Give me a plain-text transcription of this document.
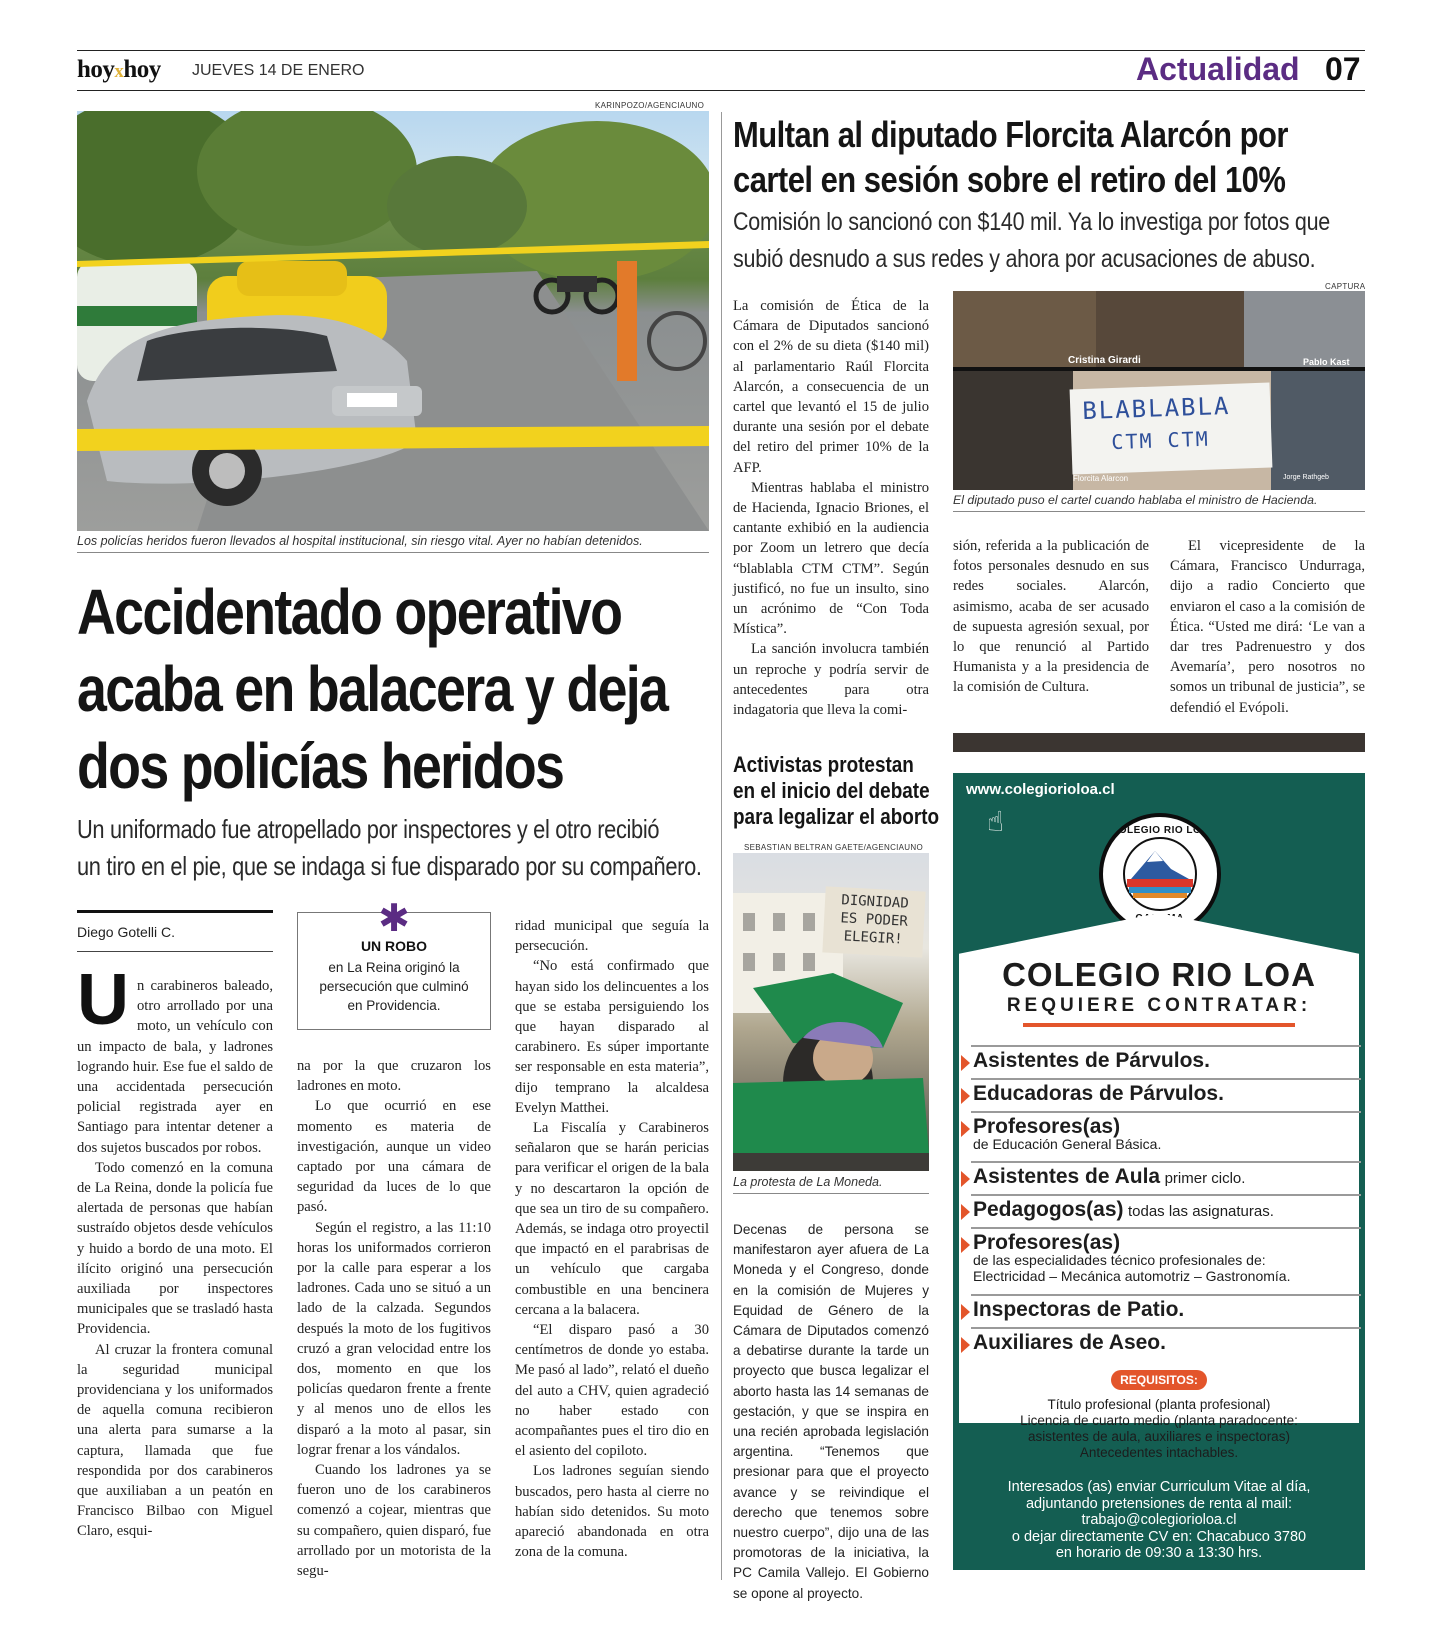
hoyxhoy JUEVES 14 DE ENERO	Actualidad 07
KARINPOZO/AGENCIAUNO
Los policías heridos fueron llevados al hospital institucional, sin riesgo vital. Ayer no habían detenidos.
Accidentado operativo
acaba en balacera y deja
dos policías heridos
Un uniformado fue atropellado por inspectores y el otro recibió
un tiro en el pie, que se indaga si fue disparado por su compañero.
Diego Gotelli C.
U n carabineros baleado, otro arrollado por una moto, un vehículo con un impacto de bala, y ladrones logrando huir. Ese fue el saldo de una accidentada persecución policial registrada ayer en Santiago para intentar detener a dos sujetos buscados por robos.

Todo comenzó en la comuna de La Reina, donde la policía fue alertada de personas que habían sustraído objetos desde vehículos y huido a bordo de una moto. El ilícito originó una persecución auxiliada por inspectores municipales que se trasladó hasta Providencia.

Al cruzar la frontera comunal la seguridad municipal providenciana y los uniformados de aquella comuna recibieron una alerta para sumarse a la captura, llamada que fue respondida por dos carabineros que auxiliaban a un peatón en Francisco Bilbao con Miguel Claro, esqui-

✱
UN ROBO
en La Reina originó la persecución que culminó en Providencia.

na por la que cruzaron los ladrones en moto.

Lo que ocurrió en ese momento es materia de investigación, aunque un video captado por una cámara de seguridad da luces de lo que pasó.

Según el registro, a las 11:10 horas los uniformados corrieron por la calle para esperar a los ladrones. Cada uno se situó a un lado de la calzada. Segundos después la moto de los fugitivos cruzó a gran velocidad entre los dos, momento en que los policías quedaron frente a frente y al menos uno de ellos les disparó a la moto al pasar, sin lograr frenar a los vándalos.

Cuando los ladrones ya se fueron uno de los carabineros comenzó a cojear, mientras que su compañero, quien disparó, fue arrollado por un motorista de la segu-

ridad municipal que seguía la persecución.

“No está confirmado que hayan sido los delincuentes a los que se estaba persiguiendo los que hayan disparado al carabinero. Es súper importante ser responsable en esta materia”, dijo temprano la alcaldesa Evelyn Matthei.

La Fiscalía y Carabineros señalaron que se harán pericias para verificar el origen de la bala y no descartaron la opción de que sea un tiro de su compañero. Además, se indaga otro proyectil que impactó en el parabrisas de un vehículo que cargaba combustible en una bencinera cercana a la balacera.

“El disparo pasó a 30 centímetros de donde yo estaba. Me pasó al lado”, relató el dueño del auto a CHV, quien agradeció no haber estado con acompañantes pues el tiro dio en el asiento del copiloto.

Los ladrones seguían siendo buscados, pero hasta al cierre no habían sido detenidos. Su moto apareció abandonada en otra zona de la comuna.

Multan al diputado Florcita Alarcón por
cartel en sesión sobre el retiro del 10%
Comisión lo sancionó con $140 mil. Ya lo investiga por fotos que
subió desnudo a sus redes y ahora por acusaciones de abuso.

La comisión de Ética de la Cámara de Diputados sancionó con el 2% de su dieta ($140 mil) al parlamentario Raúl Florcita Alarcón, a consecuencia de un cartel que levantó el 15 de julio durante una sesión por el debate del retiro del primer 10% de la AFP.

Mientras hablaba el ministro de Hacienda, Ignacio Briones, el cantante exhibió en la audiencia por Zoom un letrero que decía “blablabla CTM CTM”. Según justificó, no fue un insulto, sino un acrónimo de “Con Toda Mística”.

La sanción involucra también un reproche y podría servir de antecedentes para otra indagatoria que lleva la comi-

CAPTURA
Cristina Girardi	Pablo Kast
Florcita Alarcon	Jorge Rathgeb
BLABLABLA
CTM CTM
El diputado puso el cartel cuando hablaba el ministro de Hacienda.

sión, referida a la publicación de fotos personales desnudo en sus redes sociales. Alarcón, asimismo, acaba de ser acusado de supuesta agresión sexual, por lo que renunció al Partido Humanista y a la presidencia de la comisión de Cultura.

El vicepresidente de la Cámara, Francisco Undurraga, dijo a radio Concierto que enviaron el caso a la comisión de Ética. “Usted me dirá: ‘Le van a dar tres Padrenuestro y dos Avemaría’, pero nosotros no somos un tribunal de justicia”, se defendió el Evópoli.

Activistas protestan
en el inicio del debate
para legalizar el aborto
SEBASTIAN BELTRAN GAETE/AGENCIAUNO
DIGNIDAD
ES PODER
ELEGIR!
La protesta de La Moneda.

Decenas de persona se manifestaron ayer afuera de La Moneda y el Congreso, donde en la comisión de Mujeres y Equidad de Género de la Cámara de Diputados comenzó a debatirse durante la tarde un proyecto que busca legalizar el aborto hasta las 14 semanas de gestación, y que se inspira en una recién aprobada legislación argentina. “Tenemos que presionar para que el proyecto avance y se reivindique el derecho que tenemos sobre nuestro cuerpo”, dijo una de las promotoras de la iniciativa, la PC Camila Vallejo. El Gobierno se opone al proyecto.

www.colegiorioloa.cl
☝	COLEGIO RIO LOA
COLEGIO RIO LOA
REQUIERE CONTRATAR:
Asistentes de Párvulos.
Educadoras de Párvulos.
Profesores(as)
de Educación General Básica.
Asistentes de Aula primer ciclo.
Pedagogos(as) todas las asignaturas.
Profesores(as)
de las especialidades técnico profesionales de:
Electricidad – Mecánica automotriz – Gastronomía.
Inspectoras de Patio.
Auxiliares de Aseo.
REQUISITOS:
Título profesional (planta profesional)
Licencia de cuarto medio (planta paradocente:
asistentes de aula, auxiliares e inspectoras)
Antecedentes intachables.
Interesados (as) enviar Curriculum Vitae al día,
adjuntando pretensiones de renta al mail:
trabajo@colegiorioloa.cl
o dejar directamente CV en: Chacabuco 3780
en horario de 09:30 a 13:30 hrs.
